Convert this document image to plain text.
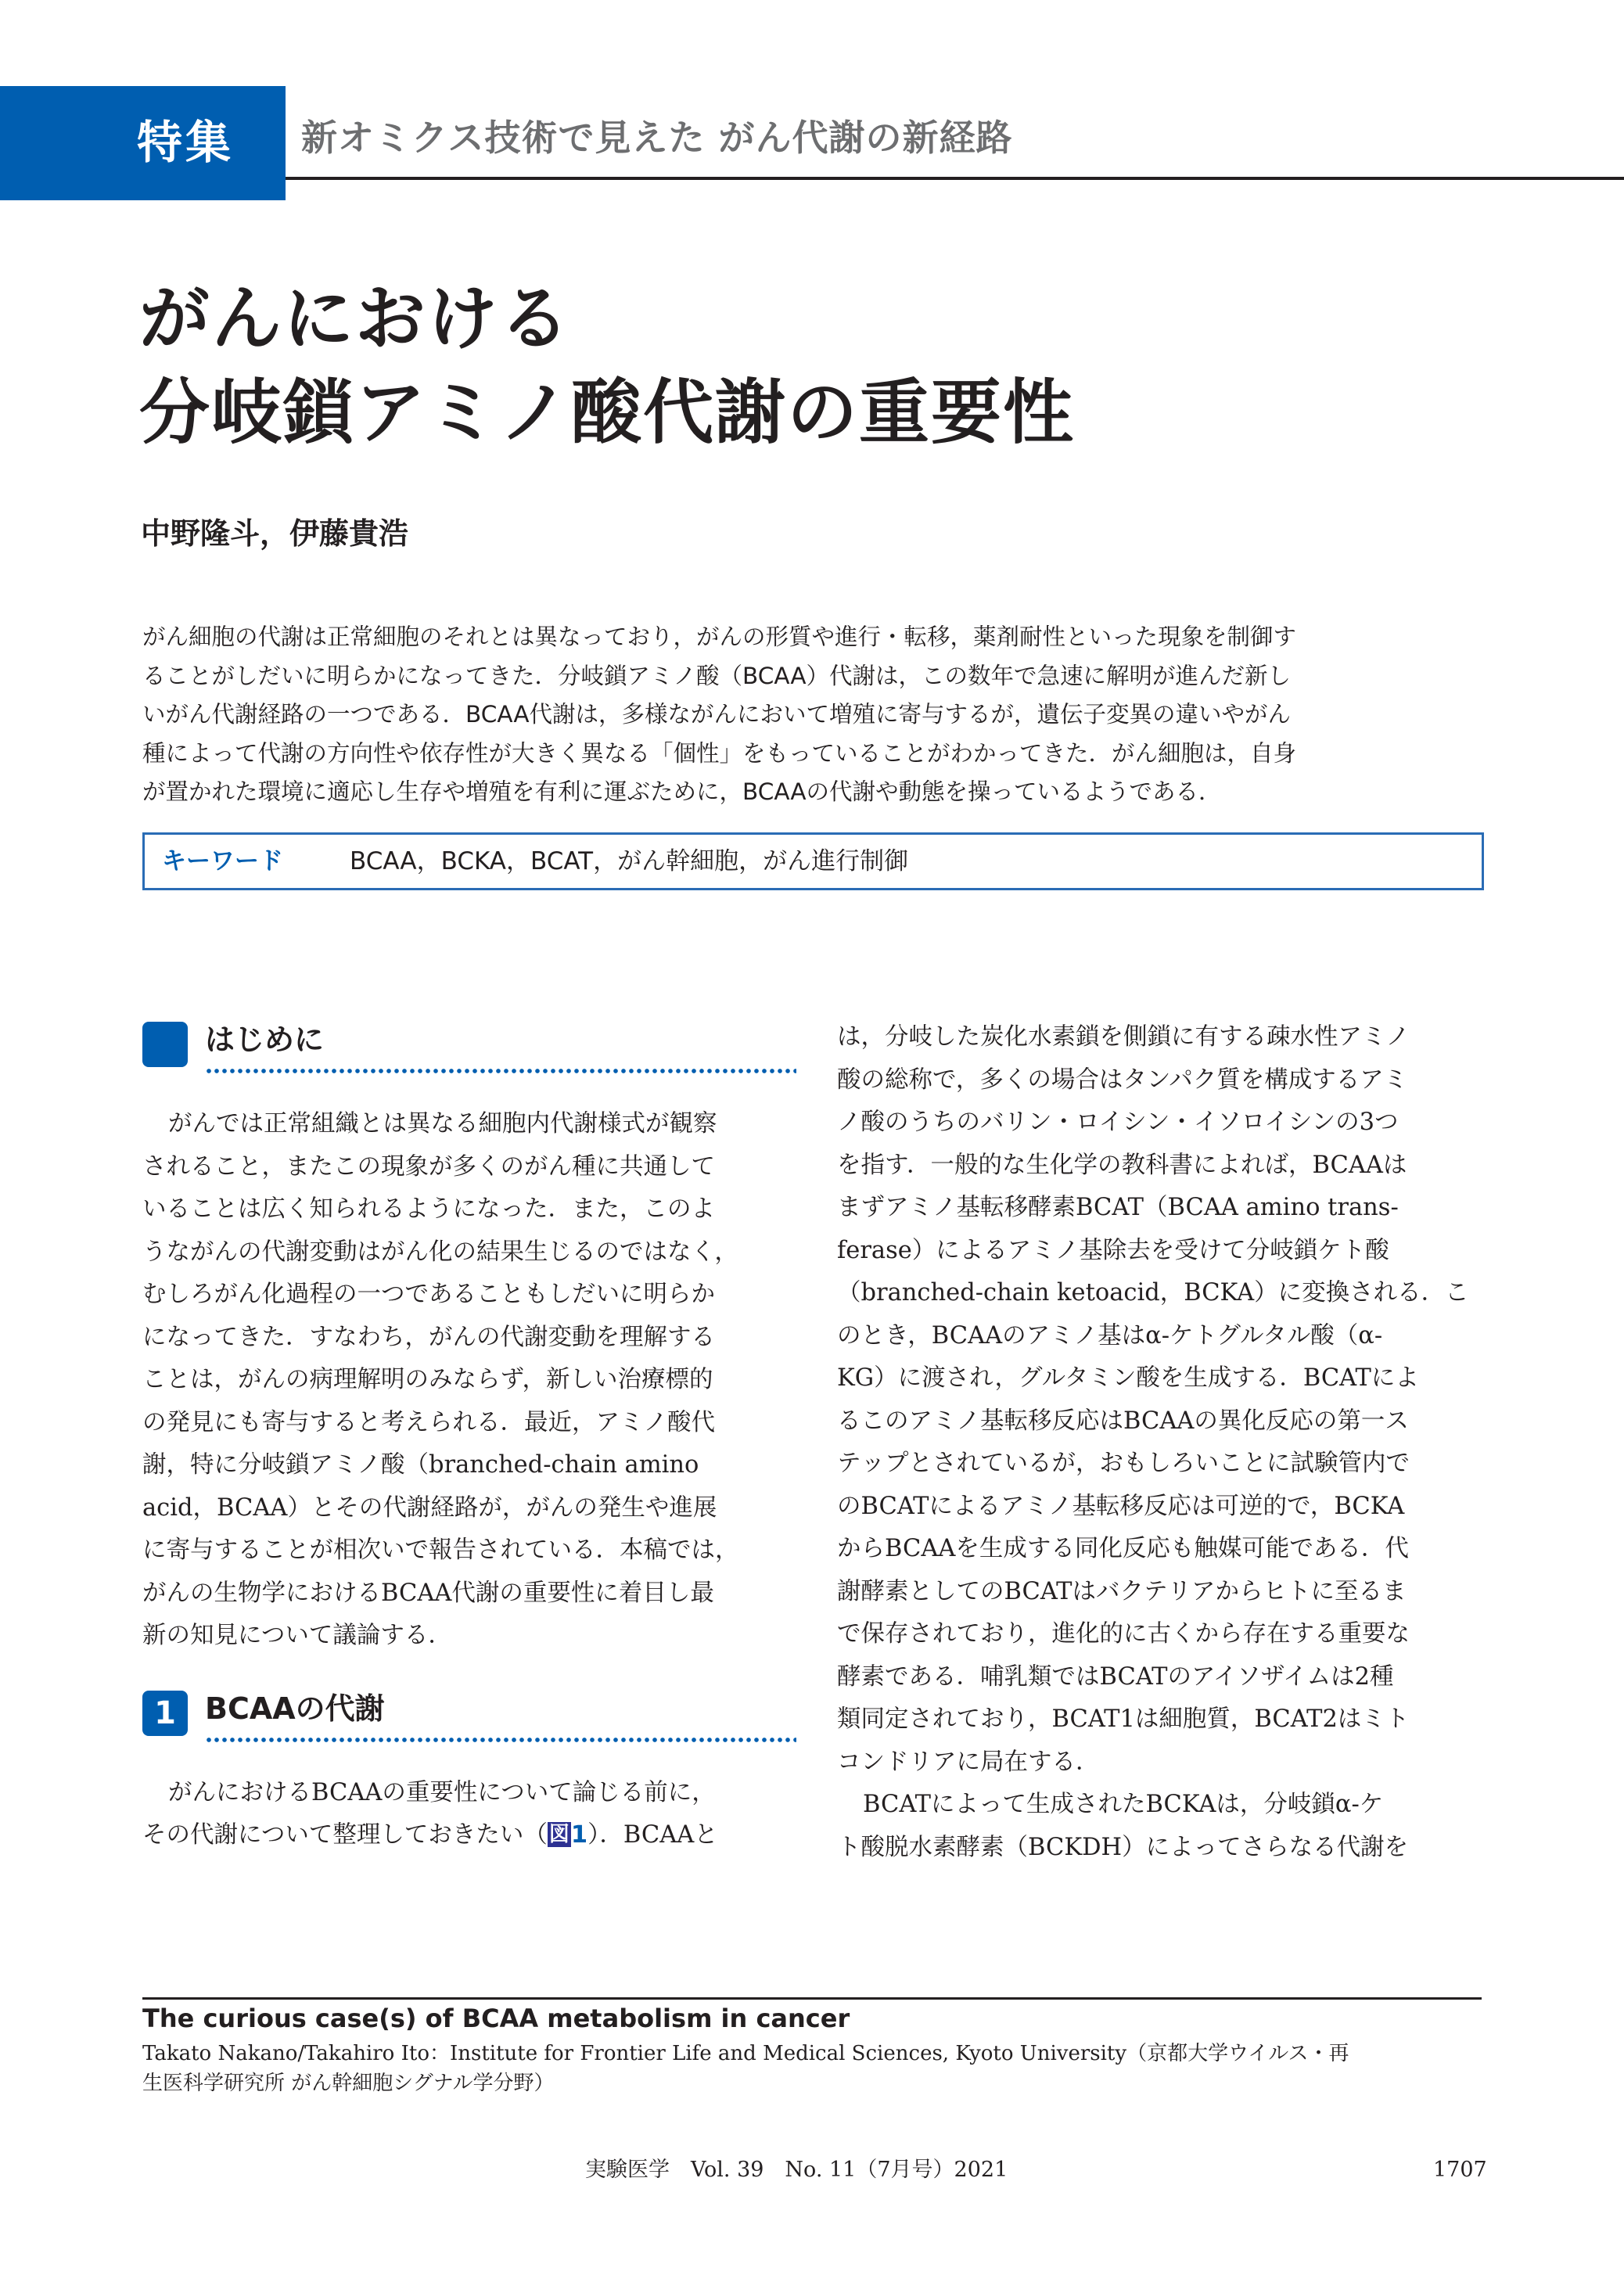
特集 新オミクス技術で見えた がん代謝の新経路
がんにおける
分岐鎖アミノ酸代謝の重要性
中野隆斗，伊藤貴浩
がん細胞の代謝は正常細胞のそれとは異なっており，がんの形質や進行・転移，薬剤耐性といった現象を制御す
ることがしだいに明らかになってきた．分岐鎖アミノ酸（BCAA）代謝は，この数年で急速に解明が進んだ新し
いがん代謝経路の一つである．BCAA代謝は，多様ながんにおいて増殖に寄与するが，遺伝子変異の違いやがん
種によって代謝の方向性や依存性が大きく異なる「個性」をもっていることがわかってきた．がん細胞は，自身
が置かれた環境に適応し生存や増殖を有利に運ぶために，BCAAの代謝や動態を操っているようである．
キーワード	BCAA，BCKA，BCAT，がん幹細胞，がん進行制御
はじめに
がんでは正常組織とは異なる細胞内代謝様式が観察
されること，またこの現象が多くのがん種に共通して
いることは広く知られるようになった．また，このよ
うながんの代謝変動はがん化の結果生じるのではなく，
むしろがん化過程の一つであることもしだいに明らか
になってきた．すなわち，がんの代謝変動を理解する
ことは，がんの病理解明のみならず，新しい治療標的
の発見にも寄与すると考えられる．最近，アミノ酸代
謝，特に分岐鎖アミノ酸（branched-chain amino
acid，BCAA）とその代謝経路が，がんの発生や進展
に寄与することが相次いで報告されている．本稿では，
がんの生物学におけるBCAA代謝の重要性に着目し最
新の知見について議論する．
1 BCAAの代謝
がんにおけるBCAAの重要性について論じる前に，
その代謝について整理しておきたい（図1）．BCAAと
は，分岐した炭化水素鎖を側鎖に有する疎水性アミノ
酸の総称で，多くの場合はタンパク質を構成するアミ
ノ酸のうちのバリン・ロイシン・イソロイシンの3つ
を指す．一般的な生化学の教科書によれば，BCAAは
まずアミノ基転移酵素BCAT（BCAA amino trans-
ferase）によるアミノ基除去を受けて分岐鎖ケト酸
（branched-chain ketoacid，BCKA）に変換される．こ
のとき，BCAAのアミノ基はα-ケトグルタル酸（α-
KG）に渡され，グルタミン酸を生成する．BCATによ
るこのアミノ基転移反応はBCAAの異化反応の第一ス
テップとされているが，おもしろいことに試験管内で
のBCATによるアミノ基転移反応は可逆的で，BCKA
からBCAAを生成する同化反応も触媒可能である．代
謝酵素としてのBCATはバクテリアからヒトに至るま
で保存されており，進化的に古くから存在する重要な
酵素である．哺乳類ではBCATのアイソザイムは2種
類同定されており，BCAT1は細胞質，BCAT2はミト
コンドリアに局在する．
BCATによって生成されたBCKAは，分岐鎖α-ケ
ト酸脱水素酵素（BCKDH）によってさらなる代謝を
The curious case(s) of BCAA metabolism in cancer
Takato Nakano/Takahiro Ito：Institute for Frontier Life and Medical Sciences, Kyoto University（京都大学ウイルス・再
生医科学研究所 がん幹細胞シグナル学分野）
実験医学　Vol. 39　No. 11（7月号）2021	1707
